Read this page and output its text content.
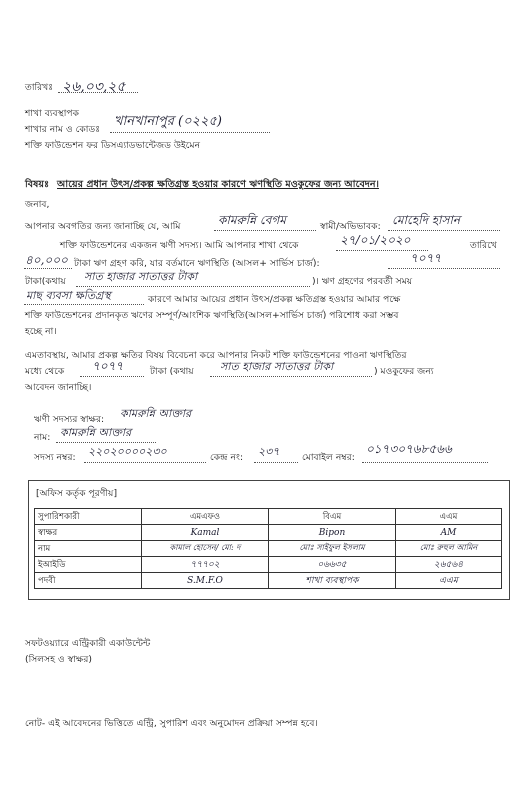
তারিখঃ ২৬,০৩,২৫
শাখা ব্যবস্থাপক
শাখার নাম ও কোডঃ
খানখানাপুর (০২২৫)
শক্তি ফাউন্ডেশন ফর ডিসএ্যাডভান্টেজড উইমেন
বিষয়ঃ আয়ের প্রধান উৎস/প্রকল্প ক্ষতিগ্রস্ত হওয়ার কারণে ঋণস্থিতি মওকুফের জন্য আবেদন।
জনাব,
আপনার অবগতির জন্য জানাচ্ছি যে, আমি	কামরুন্নি বেগম	স্বামী/অভিভাবক: মোহেদি হাসান
শক্তি ফাউন্ডেশনের একজন ঋণী সদস্য। আমি আপনার শাখা থেকে	২৭/০১/২০২০	তারিখে
৪০,০০০ টাকা ঋণ গ্রহণ করি, যার বর্তমানে ঋণস্থিতি (আসল+ সার্ভিস চার্জ):	৭০৭৭
টাকা(কথায় সাত হাজার সাতাত্তর টাকা	)। ঋণ গ্রহণের পরবর্তী সময়
মাছ ব্যবসা ক্ষতিগ্রস্থ	কারণে আমার আয়ের প্রধান উৎস/প্রকল্প ক্ষতিগ্রস্ত হওয়ার আমার পক্ষে
শক্তি ফাউন্ডেশনের প্রদানকৃত ঋণের সম্পূর্ণ/আংশিক ঋণস্থিতি(আসল+সার্ভিস চার্জ) পরিশোধ করা সম্ভব
হচ্ছে না।
এমতাবস্থায়, আমার প্রকল্প ক্ষতির বিষয় বিবেচনা করে আপনার নিকট শক্তি ফাউন্ডেশনের পাওনা ঋণস্থিতির
মধ্যে থেকে ৭০৭৭	টাকা (কথায় সাত হাজার সাতাত্তর টাকা	) মওকুফের জন্য
আবেদন জানাচ্ছি।
ঋণী সদস্যর স্বাক্ষর: কামরুন্নি আক্তার
নাম: কামরুন্নি আক্তার
সদস্য নম্বর: ২২০২০০০০২৩০	কেন্দ্র নং: ২৩৭ মোবাইল নম্বর:
০১৭৩০৭৬৮৫৬৬
[অফিস কর্তৃক পূরণীয়]
সুপারিশকারী	এমএফও	বিএম	এএম
স্বাক্ষর	Kamal	Bipon	AM
নাম	কামাল হোসেন/ মো: দ	মোঃ সাইফুল ইসলাম	মোঃ রুহুল আমিন
ইআইডি	৭৭৭০২	০৬৬৩৫	২৬৫৬৪
পদবী	S.M.F.O	শাখা ব্যবস্থাপক	এএম
সফটওয়্যারে এন্ট্রিকারী একাউন্টেন্ট
(সিলসহ ও স্বাক্ষর)
নোট- এই আবেদনের ভিত্তিতে এন্ট্রি, সুপারিশ এবং অনুমোদন প্রক্রিয়া সম্পন্ন হবে।
